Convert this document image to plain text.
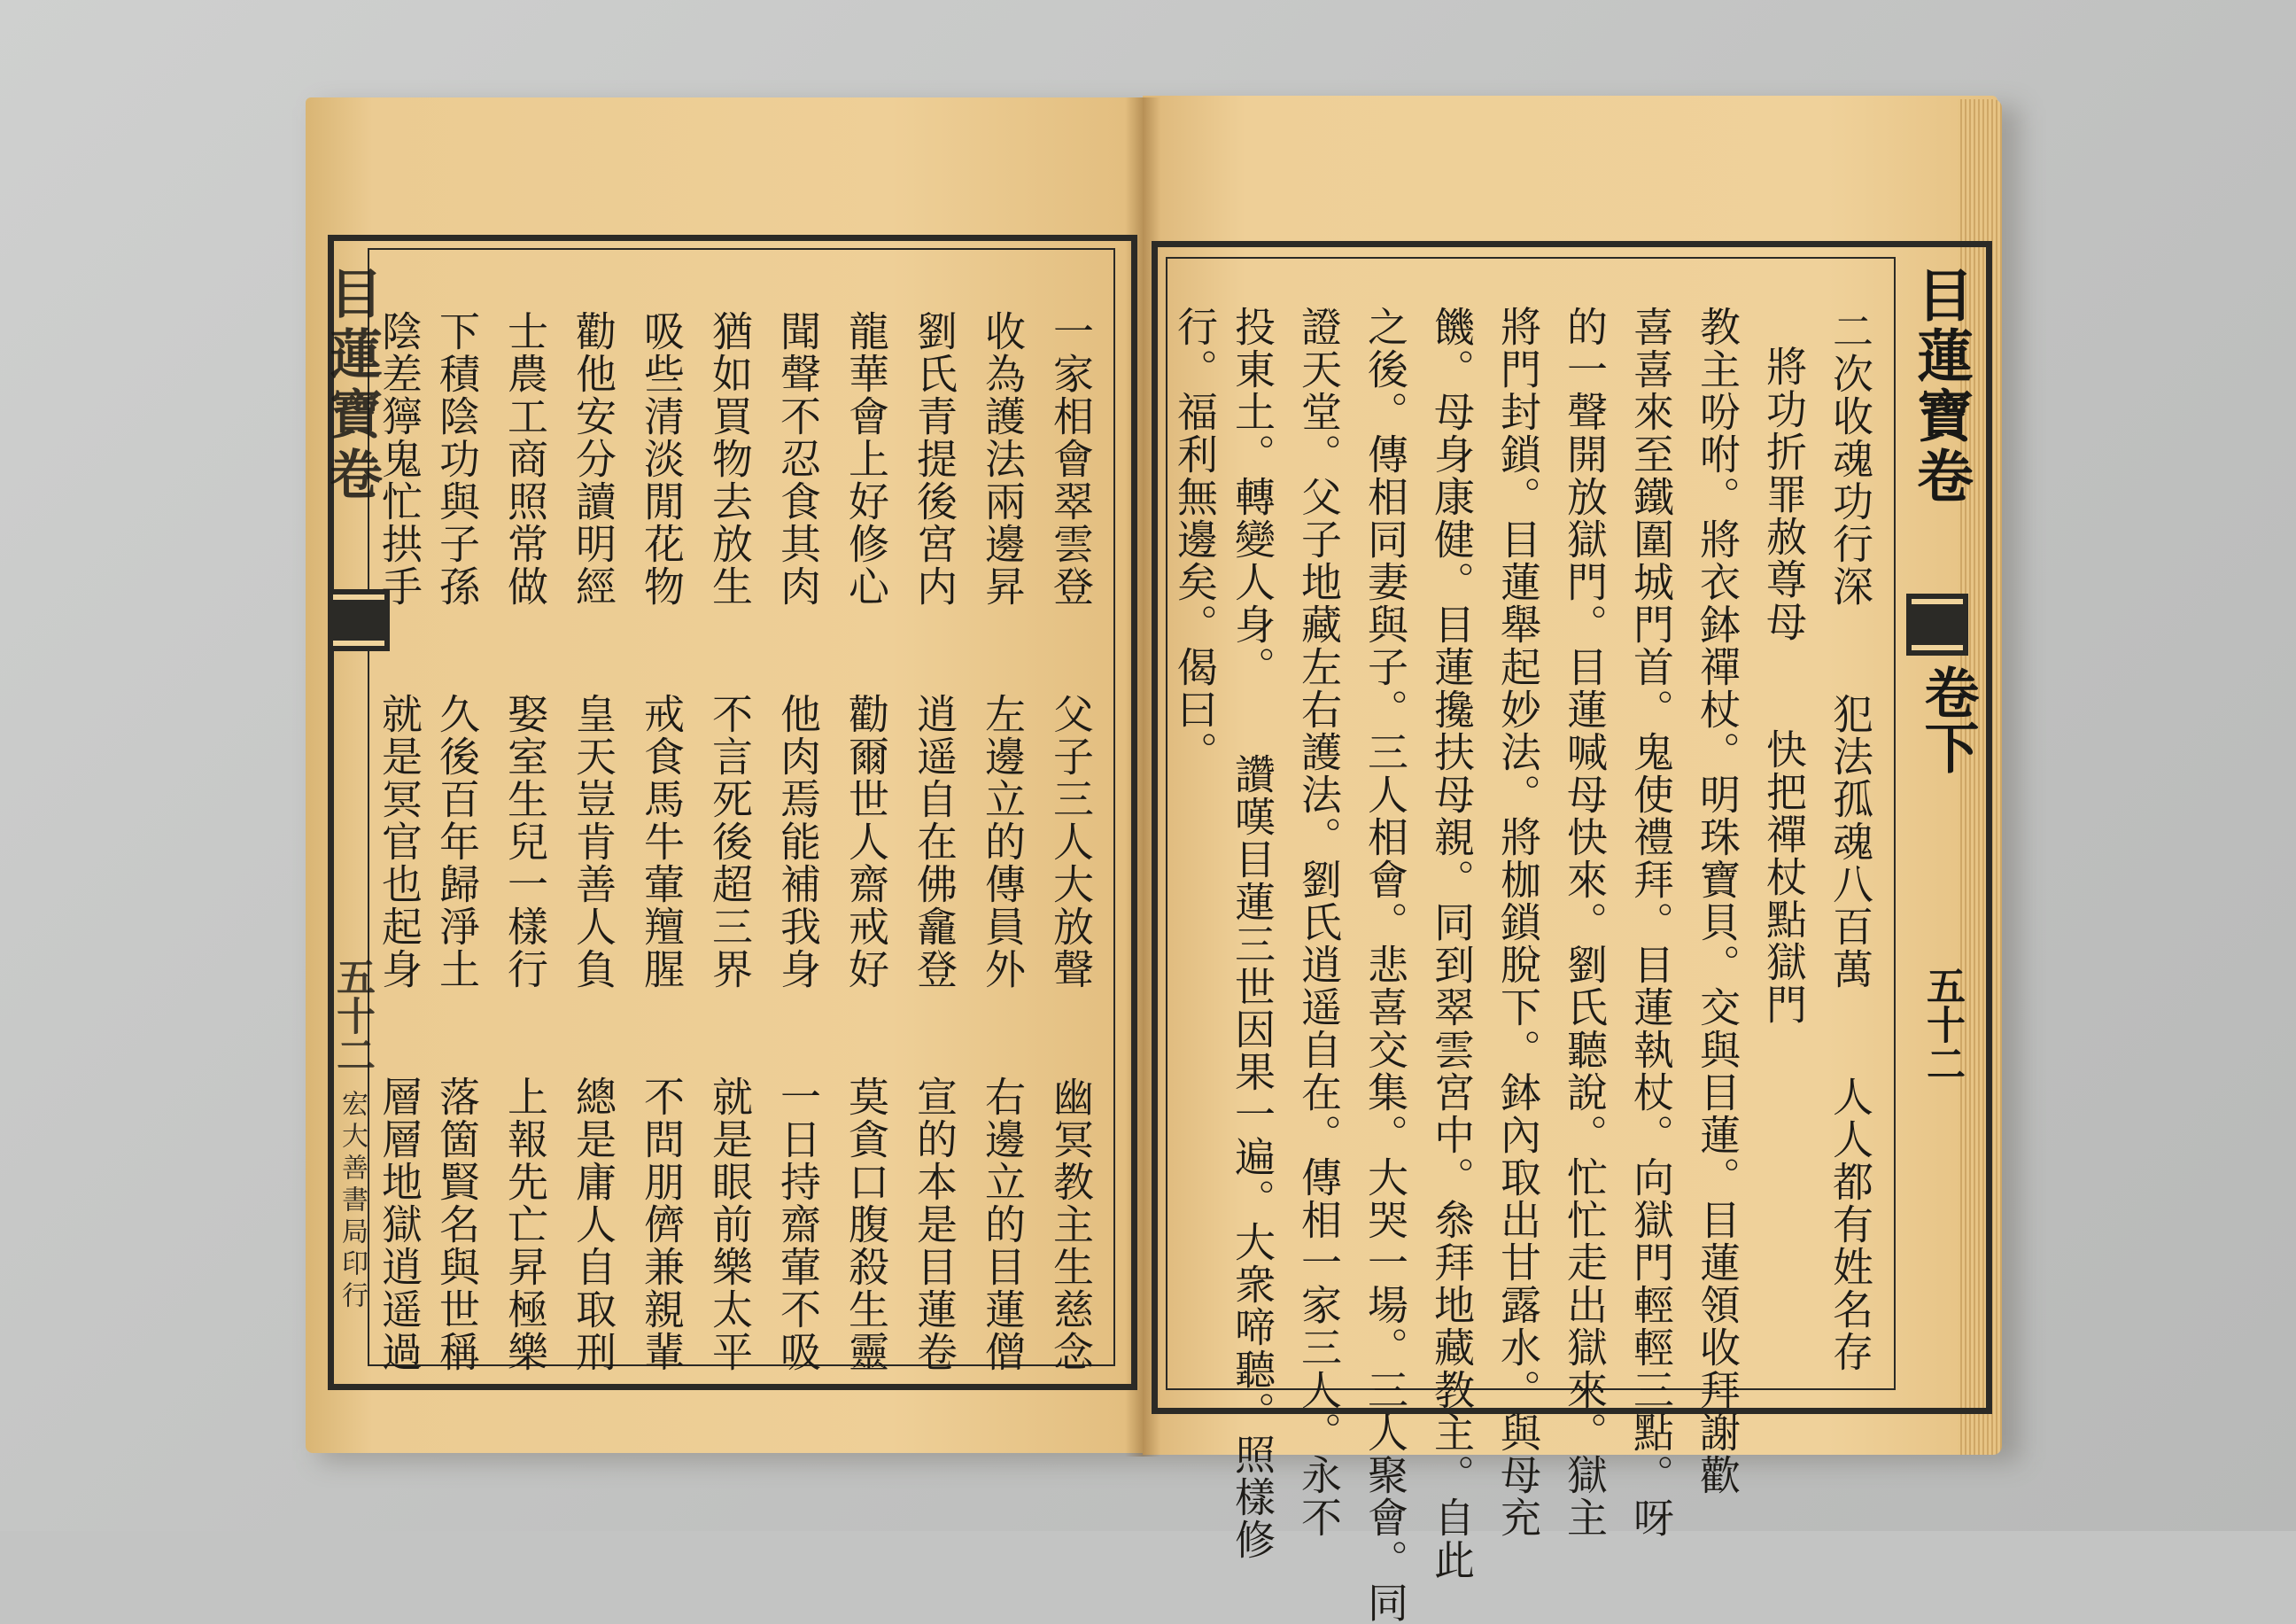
目蓮寶卷
五十二
宏大善書局印行	一家相會翠雲登　　父子三人大放聲　　幽冥教主生慈念
收為護法兩邊昇　　左邊立的傳員外　　右邊立的目蓮僧
劉氏青提後宮内　　逍遥自在佛龕登　　宣的本是目蓮卷
龍華會上好修心　　勸爾世人齋戒好　　莫貪口腹殺生靈
聞聲不忍食其肉　　他肉焉能補我身　　一日持齋葷不吸
猶如買物去放生　　不言死後超三界　　就是眼前樂太平
吸些清淡閒花物　　戒食馬牛葷羶腥　　不問朋儕兼親輩
勸他安分讀明經　　皇天豈肯善人負　　總是庸人自取刑
士農工商照常做　　娶室生兒一樣行　　上報先亡昇極樂
下積陰功與子孫　　久後百年歸淨土　　落箇賢名與世稱
陰差獰鬼忙拱手　　就是冥官也起身　　層層地獄逍遥過	目蓮寶卷
卷下
五十二
二次收魂功行深　　犯法孤魂八百萬　　人人都有姓名存
將功折罪赦尊母　　快把禪杖點獄門
教主吩咐。將衣鉢禪杖。明珠寶貝。交與目蓮。目蓮領收拜謝歡
喜喜來至鐵圍城門首。鬼使禮拜。目蓮執杖。向獄門輕輕三點。呀
的一聲開放獄門。目蓮喊母快來。劉氏聽說。忙忙走出獄來。獄主
將門封鎖。目蓮舉起妙法。將枷鎖脫下。鉢內取出甘露水。與母充
饑。母身康健。目蓮攙扶母親。同到翠雲宮中。叅拜地藏教主。自此
之後。傳相同妻與子。三人相會。悲喜交集。大哭一場。三人聚會。同
證天堂。父子地藏左右護法。劉氏逍遥自在。傳相一家三人。永不
投東土。轉變人身。　　讚嘆目蓮三世因果一遍。大衆啼聽。照樣修
行。福利無邊矣。偈曰。
